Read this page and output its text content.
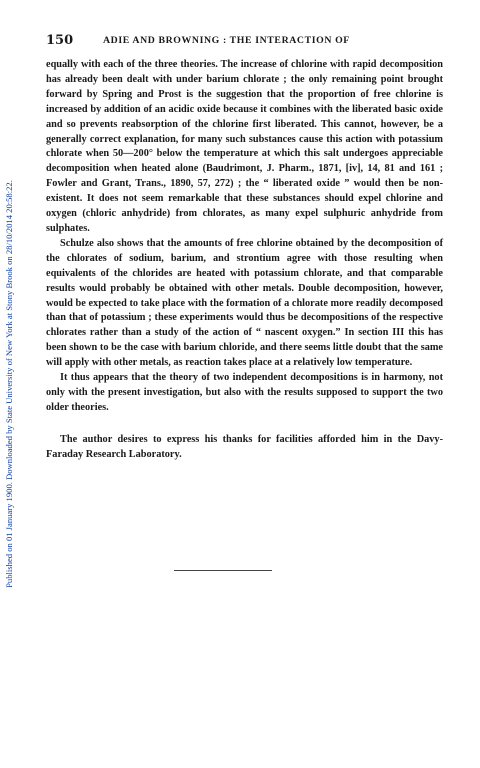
Published on 01 January 1900. Downloaded by State University of New York at Stony Brook on 28/10/2014 20:58:22.
150	ADIE AND BROWNING : THE INTERACTION OF

equally with each of the three theories. The increase of chlorine with rapid decomposition has already been dealt with under barium chlorate ; the only remaining point brought forward by Spring and Prost is the suggestion that the proportion of free chlorine is increased by addition of an acidic oxide because it combines with the liberated basic oxide and so prevents reabsorption of the chlorine first liberated. This cannot, however, be a generally correct explanation, for many such substances cause this action with potassium chlorate when 50—200° below the temperature at which this salt undergoes appreciable decomposition when heated alone (Baudrimont, J. Pharm., 1871, [iv], 14, 81 and 161 ; Fowler and Grant, Trans., 1890, 57, 272) ; the “ liberated oxide ” would then be non-existent. It does not seem remarkable that these substances should expel chlorine and oxygen (chloric anhydride) from chlorates, as many expel sulphuric anhydride from sulphates.

Schulze also shows that the amounts of free chlorine obtained by the decomposition of the chlorates of sodium, barium, and strontium agree with those resulting when equivalents of the chlorides are heated with potassium chlorate, and that comparable results would probably be obtained with other metals. Double decomposition, however, would be expected to take place with the formation of a chlorate more readily decomposed than that of potassium ; these experiments would thus be decompositions of the respective chlorates rather than a study of the action of “ nascent oxygen.” In section III this has been shown to be the case with barium chloride, and there seems little doubt that the same will apply with other metals, as reaction takes place at a relatively low temperature.

It thus appears that the theory of two independent decompositions is in harmony, not only with the present investigation, but also with the results supposed to support the two older theories.

The author desires to express his thanks for facilities afforded him in the Davy-Faraday Research Laboratory.
